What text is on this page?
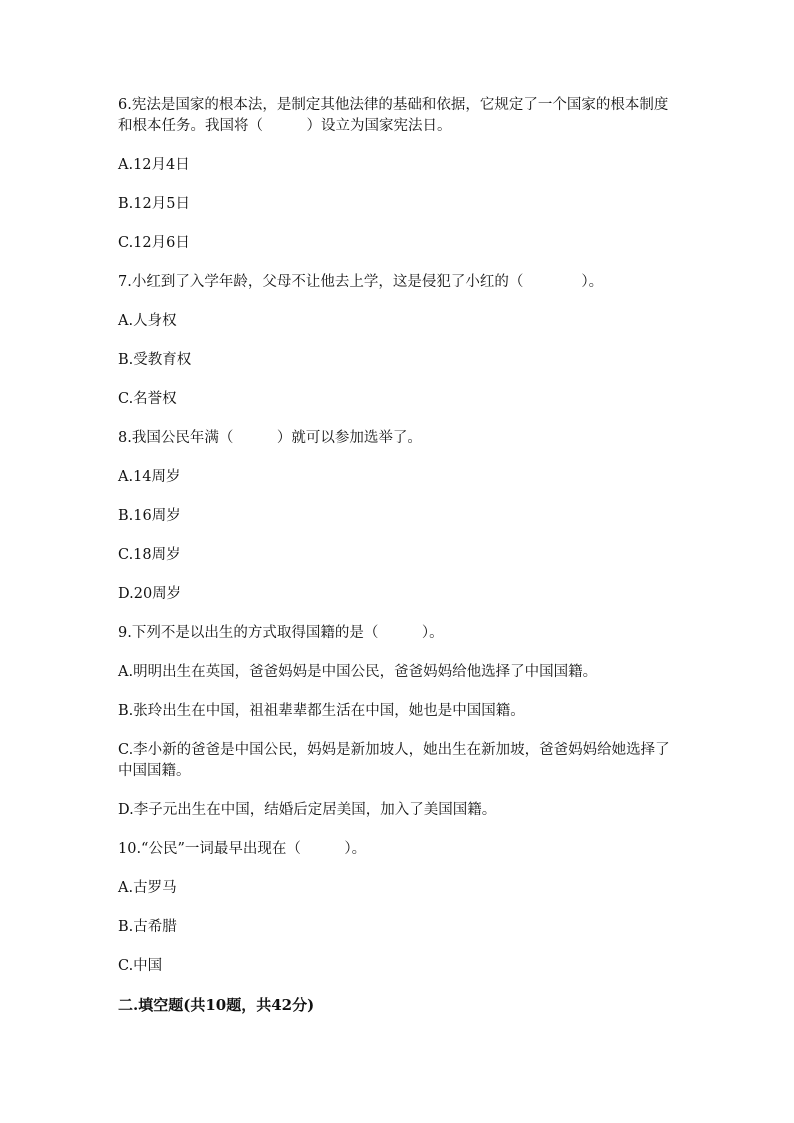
6.宪法是国家的根本法，是制定其他法律的基础和依据，它规定了一个国家的根本制度和根本任务。我国将（　　　）设立为国家宪法日。

A.12月4日

B.12月5日

C.12月6日

7.小红到了入学年龄，父母不让他去上学，这是侵犯了小红的（　　　　）。

A.人身权

B.受教育权

C.名誉权

8.我国公民年满（　　　）就可以参加选举了。

A.14周岁

B.16周岁

C.18周岁

D.20周岁

9.下列不是以出生的方式取得国籍的是（　　　）。

A.明明出生在英国，爸爸妈妈是中国公民，爸爸妈妈给他选择了中国国籍。

B.张玲出生在中国，祖祖辈辈都生活在中国，她也是中国国籍。

C.李小新的爸爸是中国公民，妈妈是新加坡人，她出生在新加坡，爸爸妈妈给她选择了中国国籍。

D.李子元出生在中国，结婚后定居美国，加入了美国国籍。

10.“公民”一词最早出现在（　　　）。

A.古罗马

B.古希腊

C.中国

二.填空题(共10题，共42分)
